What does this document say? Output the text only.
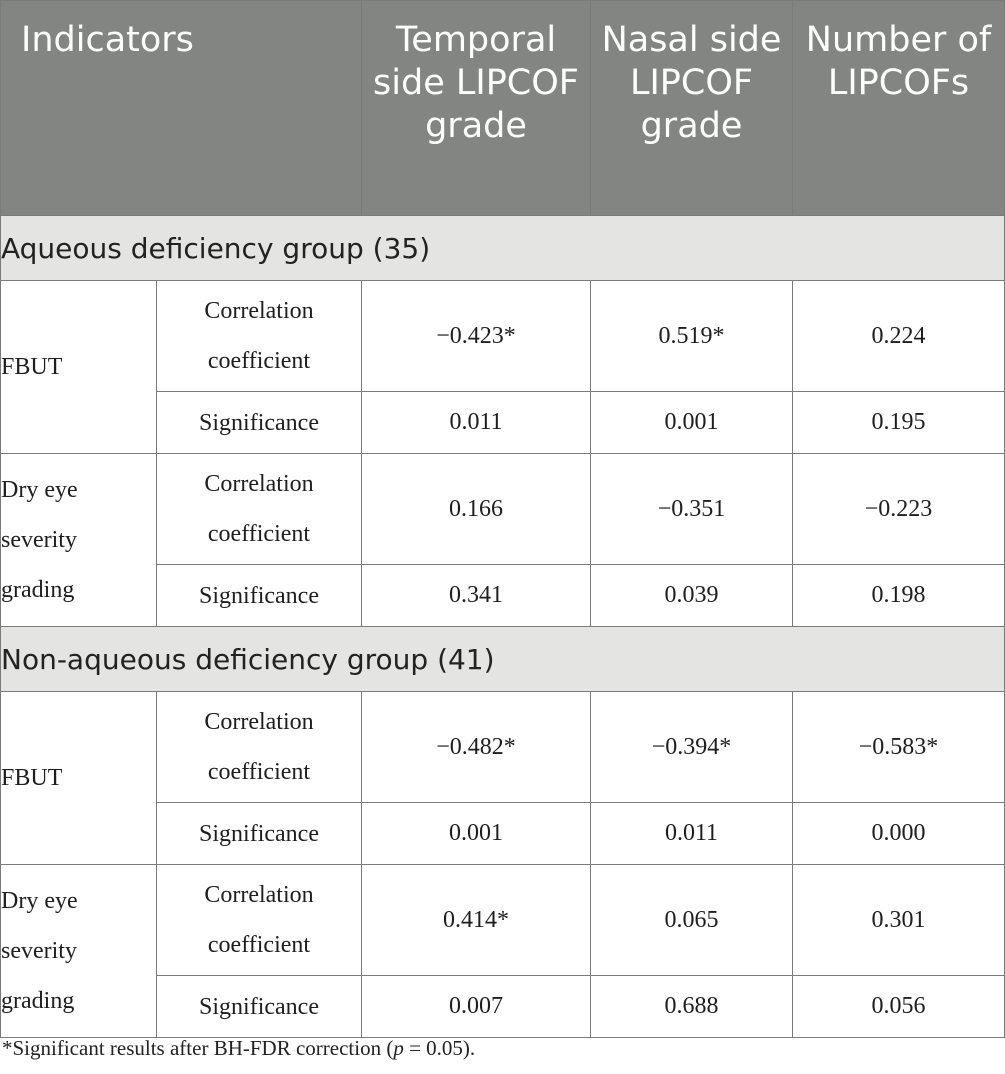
Indicators		Temporal side LIPCOF grade	Nasal side LIPCOF grade	Number of LIPCOFs
Aqueous deficiency group (35)				
FBUT	Correlation coefficient	−0.423*	0.519*	0.224
	Significance	0.011	0.001	0.195
Dry eye severity grading	Correlation coefficient	0.166	−0.351	−0.223
	Significance	0.341	0.039	0.198
Non-aqueous deficiency group (41)				
FBUT	Correlation coefficient	−0.482*	−0.394*	−0.583*
	Significance	0.001	0.011	0.000
Dry eye severity grading	Correlation coefficient	0.414*	0.065	0.301
	Significance	0.007	0.688	0.056
*Significant results after BH-FDR correction (p = 0.05).
